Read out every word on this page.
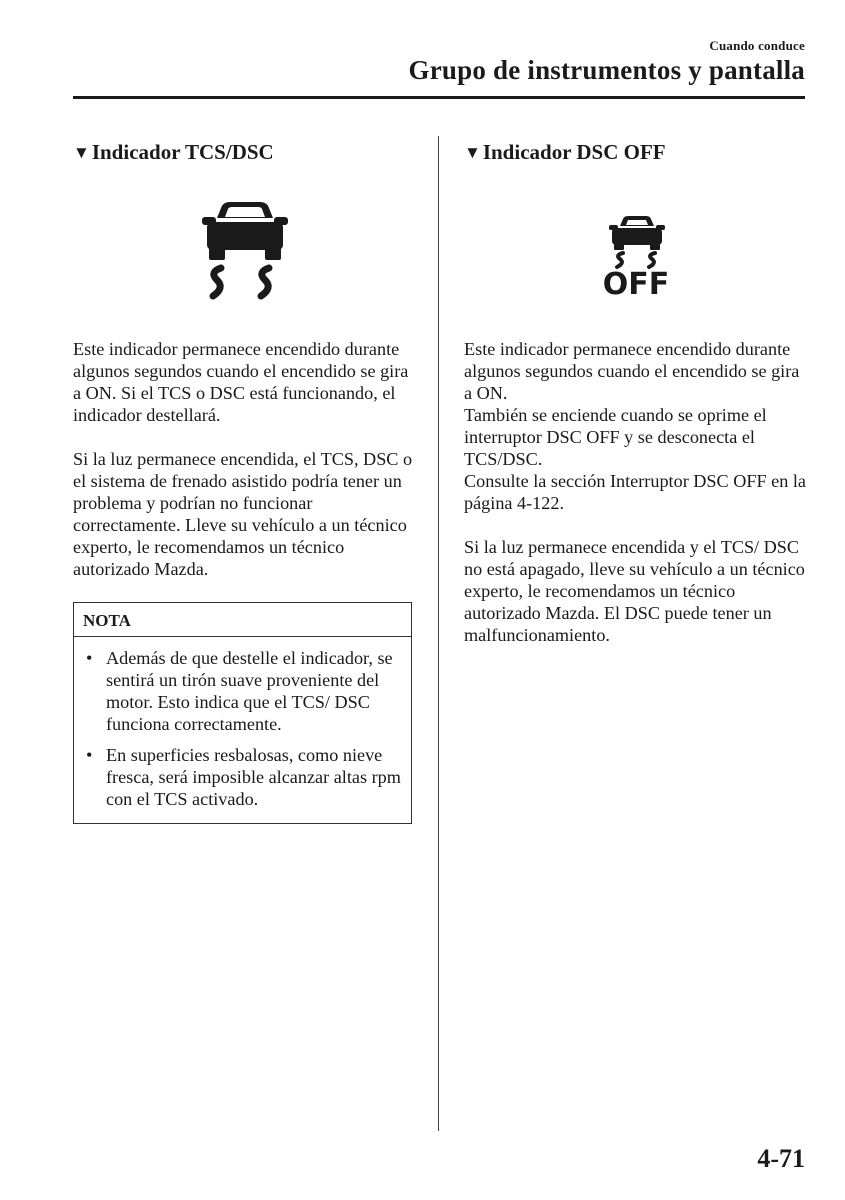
Cuando conduce
Grupo de instrumentos y pantalla
▼Indicador TCS/DSC

Este indicador permanece encendido durante algunos segundos cuando el encendido se gira a ON. Si el TCS o DSC está funcionando, el indicador destellará.

Si la luz permanece encendida, el TCS, DSC o el sistema de frenado asistido podría tener un problema y podrían no funcionar correctamente. Lleve su vehículo a un técnico experto, le recomendamos un técnico autorizado Mazda.

NOTA
• Además de que destelle el indicador, se sentirá un tirón suave proveniente del motor. Esto indica que el TCS/ DSC funciona correctamente.
• En superficies resbalosas, como nieve fresca, será imposible alcanzar altas rpm con el TCS activado.
▼Indicador DSC OFF
OFF

Este indicador permanece encendido durante algunos segundos cuando el encendido se gira a ON.

También se enciende cuando se oprime el interruptor DSC OFF y se desconecta el TCS/DSC.

Consulte la sección Interruptor DSC OFF en la página 4-122.

Si la luz permanece encendida y el TCS/ DSC no está apagado, lleve su vehículo a un técnico experto, le recomendamos un técnico autorizado Mazda. El DSC puede tener un malfuncionamiento.

4-71
